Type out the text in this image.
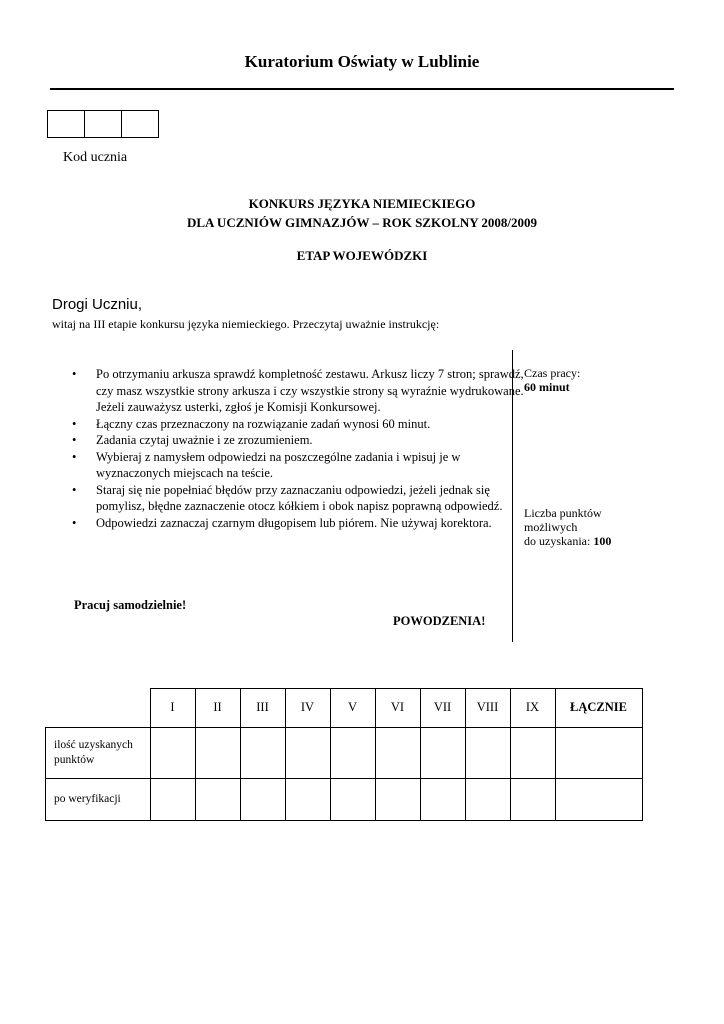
Kuratorium Oświaty w Lublinie
Kod ucznia
KONKURS JĘZYKA NIEMIECKIEGO
DLA UCZNIÓW GIMNAZJÓW – ROK SZKOLNY 2008/2009
ETAP WOJEWÓDZKI
Drogi Uczniu,
witaj na III etapie konkursu języka niemieckiego. Przeczytaj uważnie instrukcję:
• Po otrzymaniu arkusza sprawdź kompletność zestawu. Arkusz liczy 7 stron; sprawdź, czy masz wszystkie strony arkusza i czy wszystkie strony są wyraźnie wydrukowane. Jeżeli zauważysz usterki, zgłoś je Komisji Konkursowej.
• Łączny czas przeznaczony na rozwiązanie zadań wynosi 60 minut.
• Zadania czytaj uważnie i ze zrozumieniem.
• Wybieraj z namysłem odpowiedzi na poszczególne zadania i wpisuj je w wyznaczonych miejscach na teście.
• Staraj się nie popełniać błędów przy zaznaczaniu odpowiedzi, jeżeli jednak się pomylisz, błędne zaznaczenie otocz kółkiem i obok napisz poprawną odpowiedź.
• Odpowiedzi zaznaczaj czarnym długopisem lub piórem. Nie używaj korektora.
Pracuj samodzielnie!
POWODZENIA!
Czas pracy:
60 minut
Liczba punktów
możliwych
do uzyskania: 100
	I	II	III	IV	V	VI	VII	VIII	IX	ŁĄCZNIE
ilość uzyskanych punktów										
po weryfikacji										
